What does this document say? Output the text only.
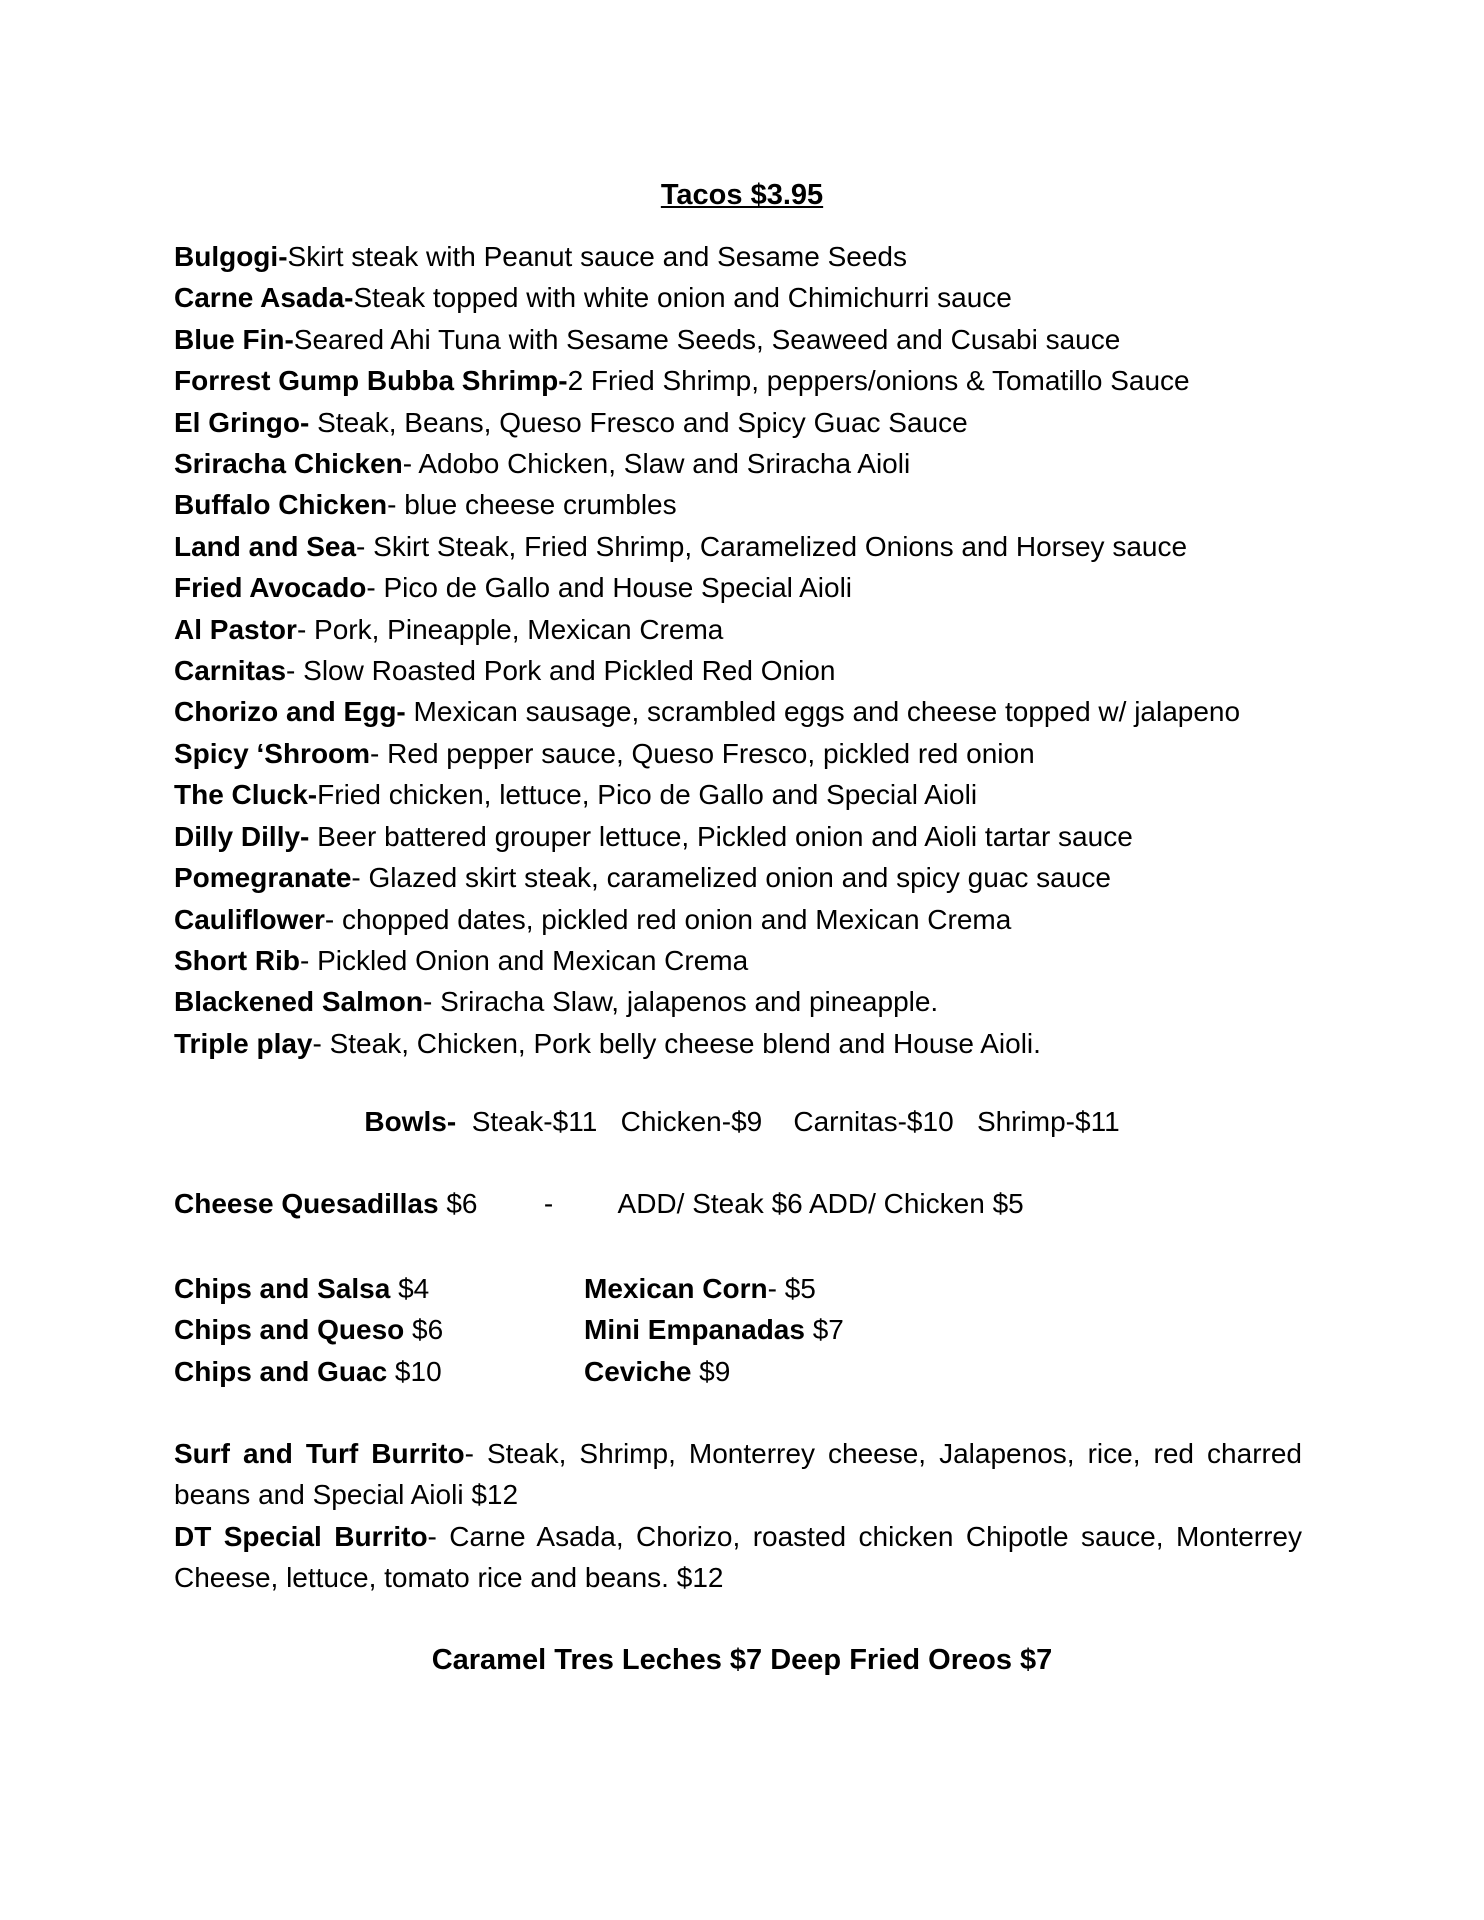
Tacos $3.95
Bulgogi-Skirt steak with Peanut sauce and Sesame Seeds
Carne Asada-Steak topped with white onion and Chimichurri sauce
Blue Fin-Seared Ahi Tuna with Sesame Seeds, Seaweed and Cusabi sauce
Forrest Gump Bubba Shrimp-2 Fried Shrimp, peppers/onions & Tomatillo Sauce
El Gringo- Steak, Beans, Queso Fresco and Spicy Guac Sauce
Sriracha Chicken- Adobo Chicken, Slaw and Sriracha Aioli
Buffalo Chicken- blue cheese crumbles
Land and Sea- Skirt Steak, Fried Shrimp, Caramelized Onions and Horsey sauce
Fried Avocado- Pico de Gallo and House Special Aioli
Al Pastor- Pork, Pineapple, Mexican Crema
Carnitas- Slow Roasted Pork and Pickled Red Onion
Chorizo and Egg- Mexican sausage, scrambled eggs and cheese topped w/ jalapeno
Spicy ‘Shroom- Red pepper sauce, Queso Fresco, pickled red onion
The Cluck-Fried chicken, lettuce, Pico de Gallo and Special Aioli
Dilly Dilly- Beer battered grouper lettuce, Pickled onion and Aioli tartar sauce
Pomegranate- Glazed skirt steak, caramelized onion and spicy guac sauce
Cauliflower- chopped dates, pickled red onion and Mexican Crema
Short Rib- Pickled Onion and Mexican Crema
Blackened Salmon- Sriracha Slaw, jalapenos and pineapple.
Triple play- Steak, Chicken, Pork belly cheese blend and House Aioli.
Bowls-  Steak-$11   Chicken-$9    Carnitas-$10   Shrimp-$11
Cheese Quesadillas $6 - ADD/ Steak $6 ADD/ Chicken $5
Chips and Salsa $4	Mexican Corn- $5
Chips and Queso $6	Mini Empanadas $7
Chips and Guac $10	Ceviche $9

Surf and Turf Burrito- Steak, Shrimp, Monterrey cheese, Jalapenos, rice, red charred beans and Special Aioli $12

DT Special Burrito- Carne Asada, Chorizo, roasted chicken Chipotle sauce, Monterrey Cheese, lettuce, tomato rice and beans. $12

Caramel Tres Leches $7 Deep Fried Oreos $7
